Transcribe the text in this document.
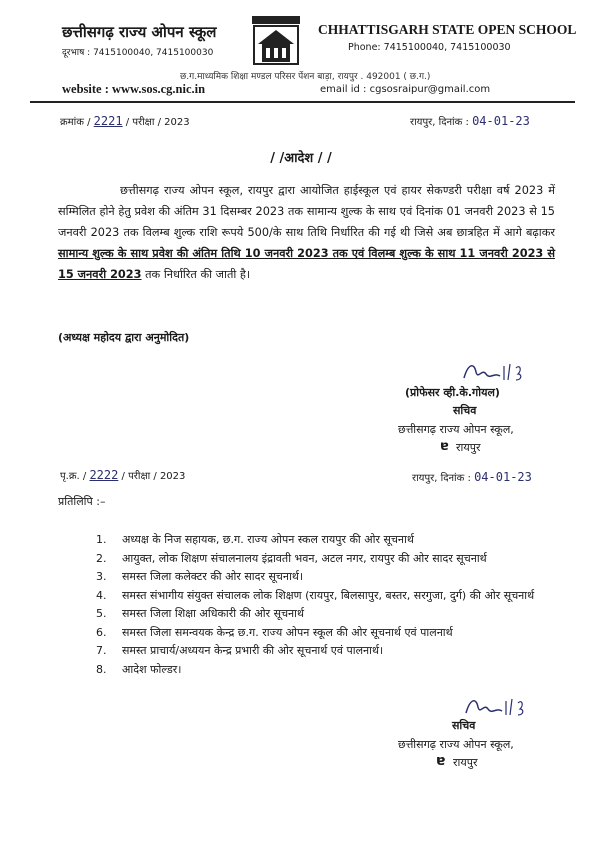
छत्तीसगढ़ राज्य ओपन स्कूल
दूरभाष : 7415100040, 7415100030
CHHATTISGARH STATE OPEN SCHOOL
Phone: 7415100040, 7415100030
छ.ग.माध्यमिक शिक्षा मण्डल परिसर पेंशन बाड़ा, रायपुर . 492001 ( छ.ग.)
website : www.sos.cg.nic.in	email id : cgsosraipur@gmail.com
क्रमांक / 2221 / परीक्षा / 2023	रायपुर, दिनांक : 04-01-23
/ /आदेश / /
छत्तीसगढ़ राज्य ओपन स्कूल, रायपुर द्वारा आयोजित हाईस्कूल एवं हायर सेकण्डरी परीक्षा वर्ष 2023 में सम्मिलित होने हेतु प्रवेश की अंतिम 31 दिसम्बर 2023 तक सामान्य शुल्क के साथ एवं दिनांक 01 जनवरी 2023 से 15 जनवरी 2023 तक विलम्ब शुल्क राशि रूपये 500/के साथ तिथि निर्धारित की गई थी जिसे अब छात्रहित में आगे बढ़ाकर सामान्य शुल्क के साथ प्रवेश की अंतिम तिथि 10 जनवरी 2023 तक एवं विलम्ब शुल्क के साथ 11 जनवरी 2023 से 15 जनवरी 2023 तक निर्धारित की जाती है।
(अध्यक्ष महोदय द्वारा अनुमोदित)
(प्रोफेसर व्ही.के.गोयल)
सचिव
छत्तीसगढ़ राज्य ओपन स्कूल,
ɐ रायपुर
पृ.क्र. / 2222 / परीक्षा / 2023	रायपुर, दिनांक : 04-01-23
प्रतिलिपि :–
1. अध्यक्ष के निज सहायक, छ.ग. राज्य ओपन स्कल रायपुर की ओर सूचनार्थ
2. आयुक्त, लोक शिक्षण संचालनालय इंद्रावती भवन, अटल नगर, रायपुर की ओर सादर सूचनार्थ
3. समस्त जिला कलेक्टर की ओर सादर सूचनार्थ।
4. समस्त संभागीय संयुक्त संचालक लोक शिक्षण (रायपुर, बिलसापुर, बस्तर, सरगुजा, दुर्ग) की ओर सूचनार्थ
5. समस्त जिला शिक्षा अधिकारी की ओर सूचनार्थ
6. समस्त जिला समन्वयक केन्द्र छ.ग. राज्य ओपन स्कूल की ओर सूचनार्थ एवं पालनार्थ
7. समस्त प्राचार्य/अध्ययन केन्द्र प्रभारी की ओर सूचनार्थ एवं पालनार्थ।
8. आदेश फोल्डर।
सचिव
छत्तीसगढ़ राज्य ओपन स्कूल,
ɐ रायपुर
